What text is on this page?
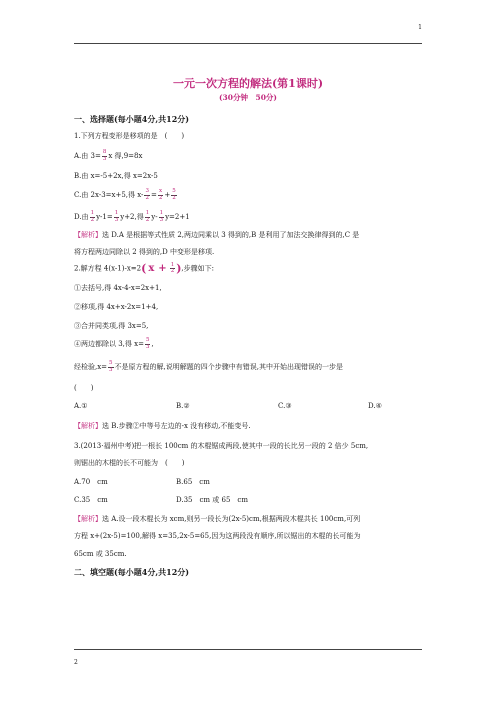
1
一元一次方程的解法(第1课时)
(30分钟　50分)
一、选择题(每小题4分,共12分)
1.下列方程变形是移项的是　(　　)
A.由 $3= \frac{8}{3}$ x 得,9=8x
B.由 x=-5+2x,得 x=2x-5
C.由 2x-3=x+5,得 $x- \frac{3}{2} = \frac{x}{2} + \frac{5}{2}$
D.由 $\frac{1}{2} y-1= \frac{1}{3} y+2$,得 $\frac{1}{2} y- \frac{1}{3} y=2+1$
【解析】选 D.A 是根据等式性质 2,两边同乘以 3 得到的,B 是利用了加法交换律得到的,C 是
将方程两边同除以 2 得到的,D 中变形是移项.
2.解方程 4(x-1)-x=2( $x + \frac{1}{2}$ ),步骤如下:
①去括号,得 4x-4-x=2x+1,
②移项,得 4x+x-2x=1+4,
③合并同类项,得 3x=5,
④两边都除以 3,得 $x= \frac{5}{3}$ ,
经检验$,x= \frac{5}{3}$ 不是原方程的解,说明解题的四个步骤中有错误,其中开始出现错误的一步是
(　　)
A.①	B.②	C.③	D.④
【解析】选 B.步骤②中等号左边的-x 没有移动,不能变号.
3.(2013·福州中考)把一根长 100cm 的木棍锯成两段,使其中一段的长比另一段的 2 倍少 5cm,
则锯出的木棍的长不可能为　(　　)
A.70　cm	B.65　cm
C.35　cm	D.35　cm 或 65　cm
【解析】选 A.设一段木棍长为 xcm,则另一段长为(2x-5)cm,根据两段木棍共长 100cm,可列
方程 x+(2x-5)=100,解得 x=35,2x-5=65,因为这两段没有顺序,所以锯出的木棍的长可能为
65cm 或 35cm.
二、填空题(每小题4分,共12分)
2
